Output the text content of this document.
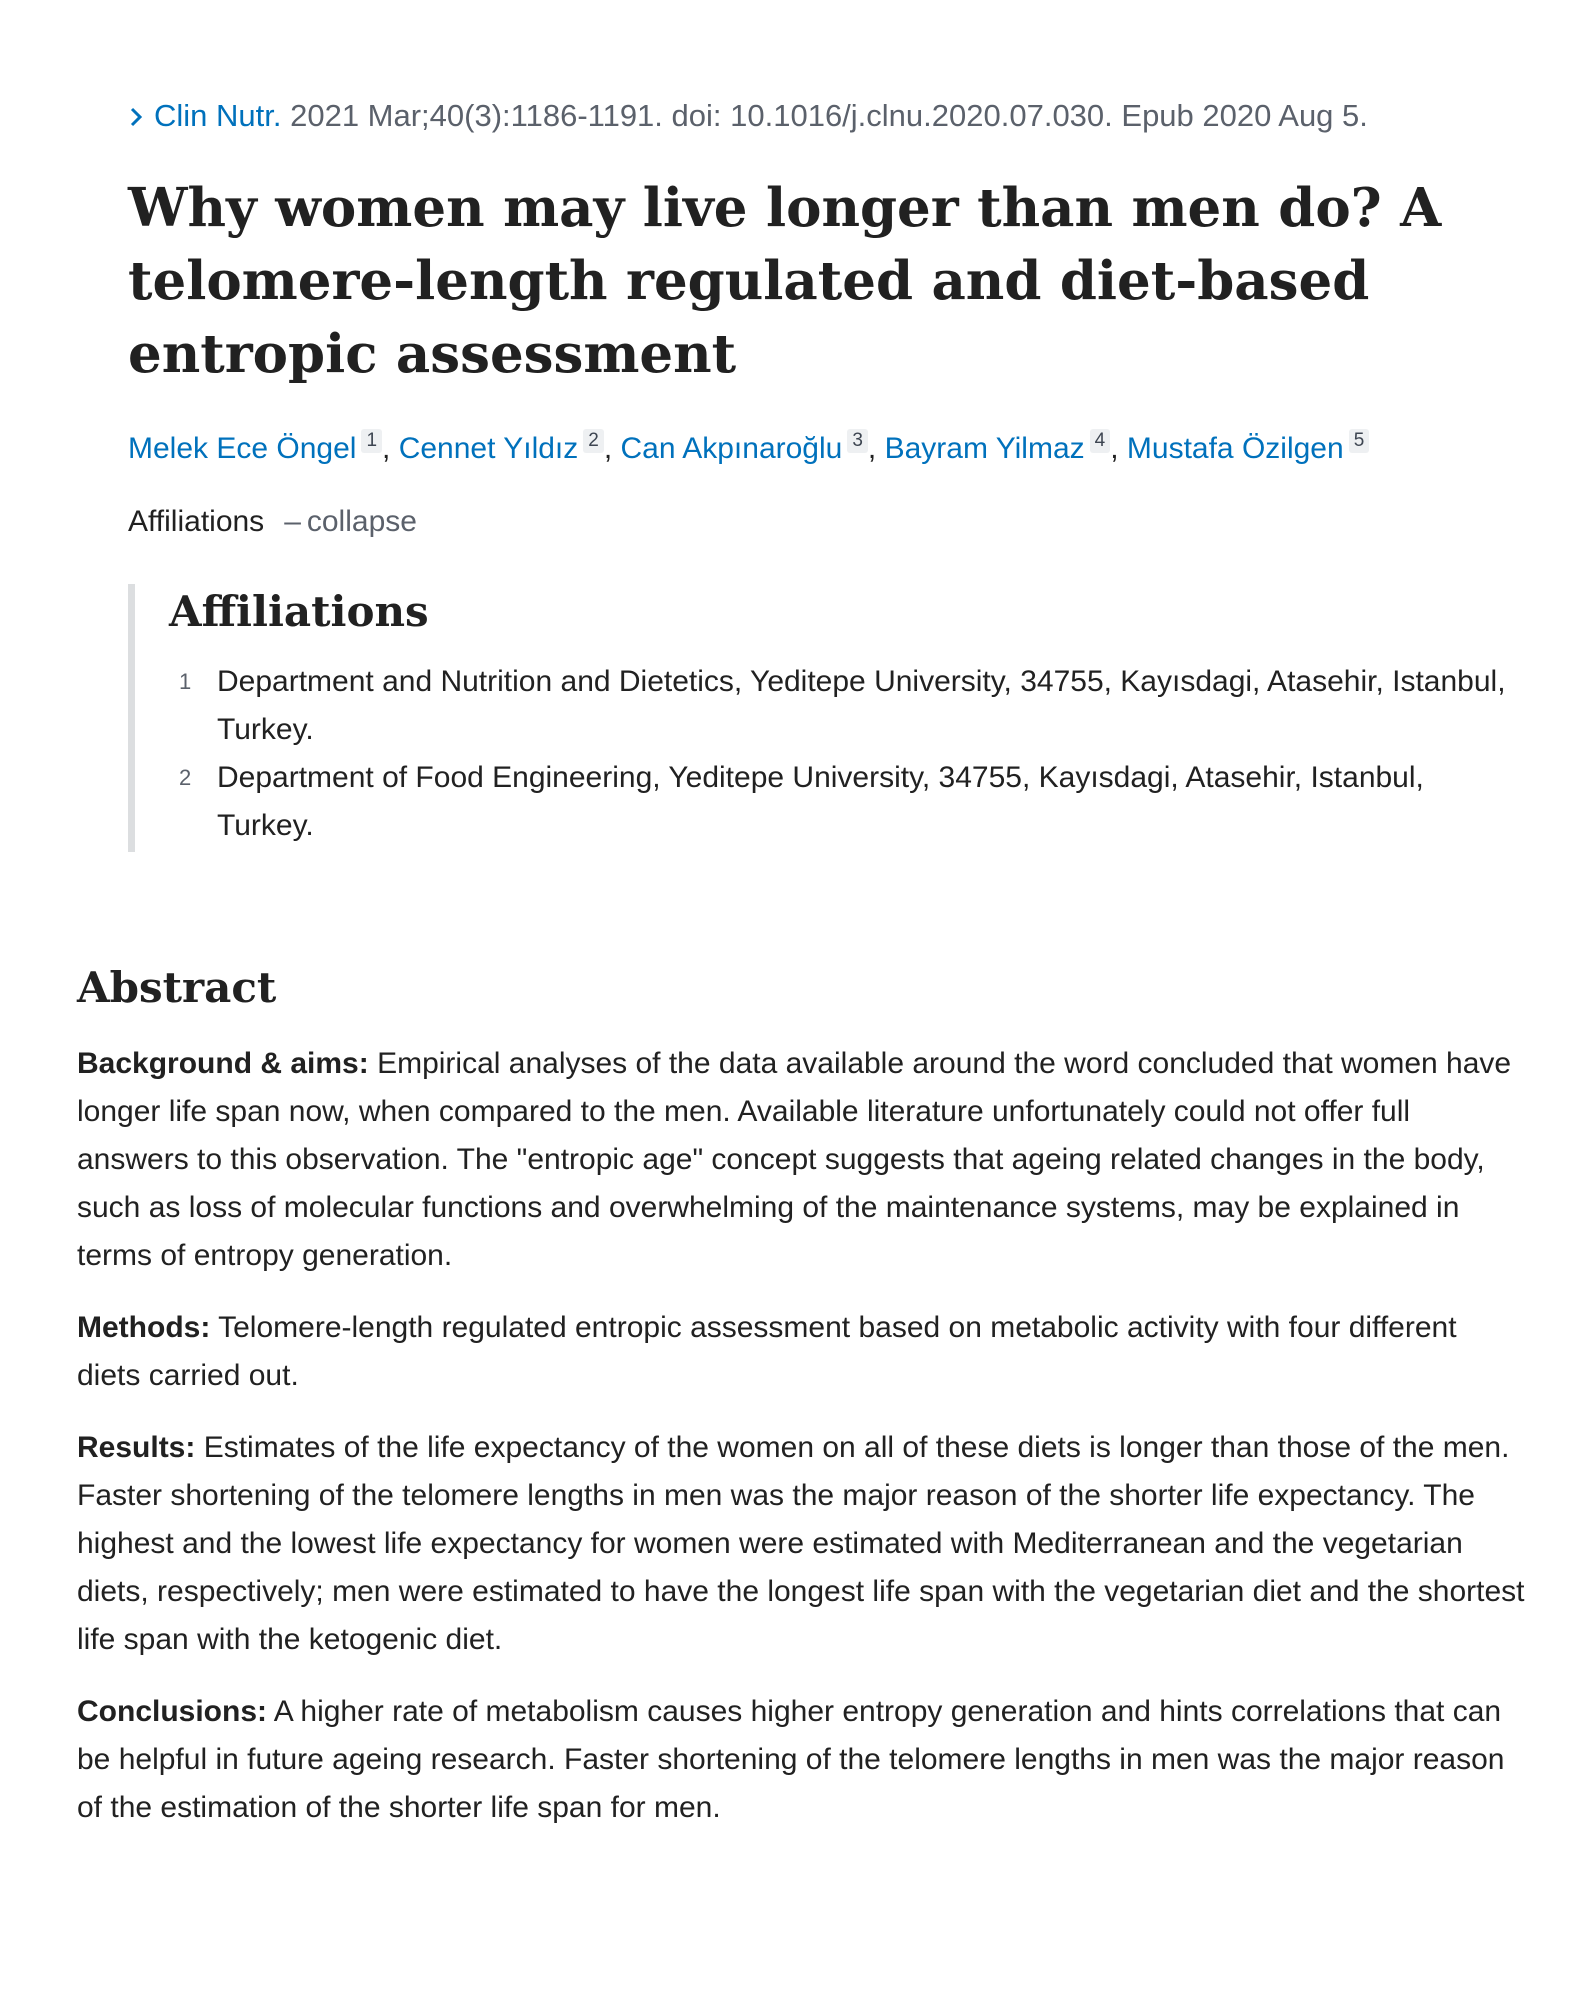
Clin Nutr. 2021 Mar;40(3):1186-1191. doi: 10.1016/j.clnu.2020.07.030. Epub 2020 Aug 5.
Why women may live longer than men do? A telomere-length regulated and diet-based entropic assessment
Melek Ece Öngel 1 , Cennet Yıldız 2 , Can Akpınaroğlu 3 , Bayram Yilmaz 4 , Mustafa Özilgen 5
Affiliations – collapse
Affiliations
1 Department and Nutrition and Dietetics, Yeditepe University, 34755, Kayısdagi, Atasehir, Istanbul, Turkey.
2 Department of Food Engineering, Yeditepe University, 34755, Kayısdagi, Atasehir, Istanbul, Turkey.
Abstract

Background & aims: Empirical analyses of the data available around the word concluded that women have longer life span now, when compared to the men. Available literature unfortunately could not offer full answers to this observation. The "entropic age" concept suggests that ageing related changes in the body, such as loss of molecular functions and overwhelming of the maintenance systems, may be explained in terms of entropy generation.

Methods: Telomere-length regulated entropic assessment based on metabolic activity with four different diets carried out.

Results: Estimates of the life expectancy of the women on all of these diets is longer than those of the men. Faster shortening of the telomere lengths in men was the major reason of the shorter life expectancy. The highest and the lowest life expectancy for women were estimated with Mediterranean and the vegetarian diets, respectively; men were estimated to have the longest life span with the vegetarian diet and the shortest life span with the ketogenic diet.

Conclusions: A higher rate of metabolism causes higher entropy generation and hints correlations that can be helpful in future ageing research. Faster shortening of the telomere lengths in men was the major reason of the estimation of the shorter life span for men.
